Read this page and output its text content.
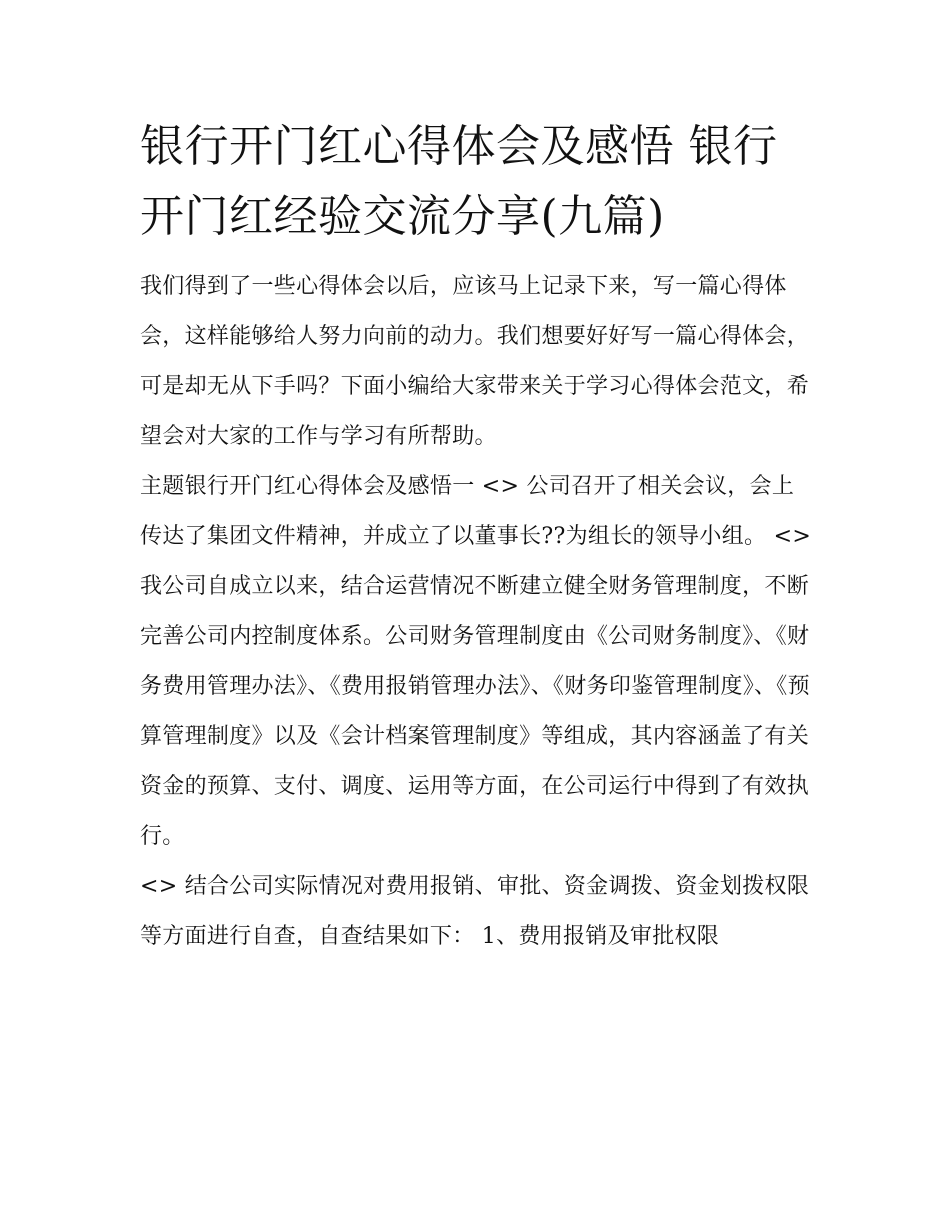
银行开门红心得体会及感悟 银行开门红经验交流分享(九篇)

我们得到了一些心得体会以后，应该马上记录下来，写一篇心得体会，这样能够给人努力向前的动力。我们想要好好写一篇心得体会，可是却无从下手吗？下面小编给大家带来关于学习心得体会范文，希望会对大家的工作与学习有所帮助。

主题银行开门红心得体会及感悟一 <> 公司召开了相关会议，会上传达了集团文件精神，并成立了以董事长??为组长的领导小组。 <>

我公司自成立以来，结合运营情况不断建立健全财务管理制度，不断完善公司内控制度体系。公司财务管理制度由《公司财务制度》、《财务费用管理办法》、《费用报销管理办法》、《财务印鉴管理制度》、《预算管理制度》以及《会计档案管理制度》等组成，其内容涵盖了有关资金的预算、支付、调度、运用等方面，在公司运行中得到了有效执行。

<> 结合公司实际情况对费用报销、审批、资金调拨、资金划拨权限等方面进行自查，自查结果如下： 1、费用报销及审批权限
